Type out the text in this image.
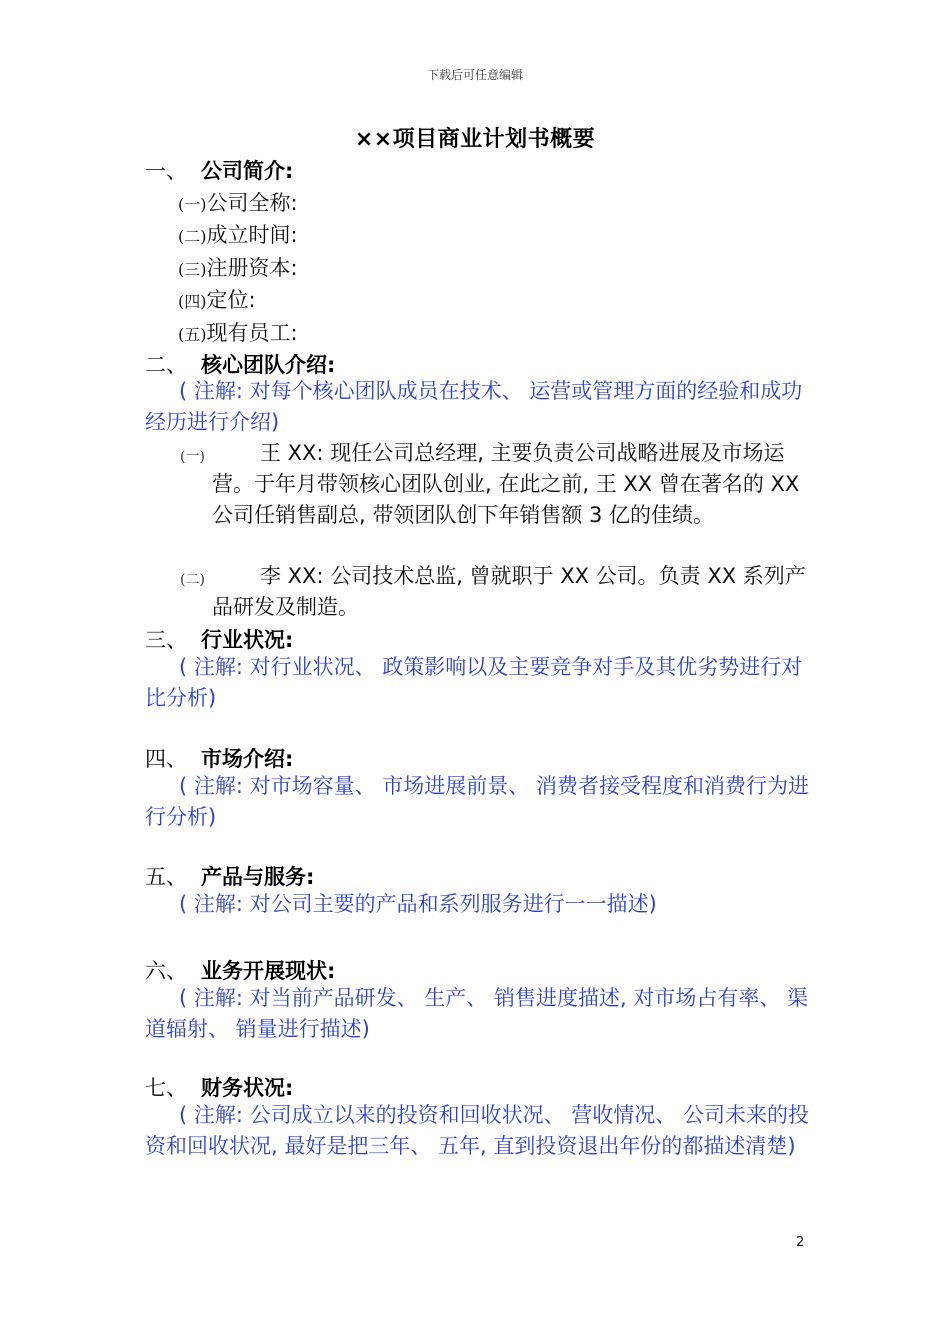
下载后可任意编辑
××项目商业计划书概要
一、 公司简介:
(一)公司全称:
(二)成立时间:
(三)注册资本:
(四)定位:
(五)现有员工:
二、 核心团队介绍:
( 注解: 对每个核心团队成员在技术、 运营或管理方面的经验和成功经历进行介绍)
(一)	王 XX: 现任公司总经理, 主要负责公司战略进展及市场运营。于年月带领核心团队创业, 在此之前, 王 XX 曾在著名的 XX 公司任销售副总, 带领团队创下年销售额 3 亿的佳绩。
(二)	李 XX: 公司技术总监, 曾就职于 XX 公司。负责 XX 系列产品研发及制造。
三、 行业状况:
( 注解: 对行业状况、 政策影响以及主要竞争对手及其优劣势进行对比分析)
四、 市场介绍:
( 注解: 对市场容量、 市场进展前景、 消费者接受程度和消费行为进行分析)
五、 产品与服务:
( 注解: 对公司主要的产品和系列服务进行一一描述)
六、 业务开展现状:
( 注解: 对当前产品研发、 生产、 销售进度描述, 对市场占有率、 渠道辐射、 销量进行描述)
七、 财务状况:
( 注解: 公司成立以来的投资和回收状况、 营收情况、 公司未来的投资和回收状况, 最好是把三年、 五年, 直到投资退出年份的都描述清楚)
2
